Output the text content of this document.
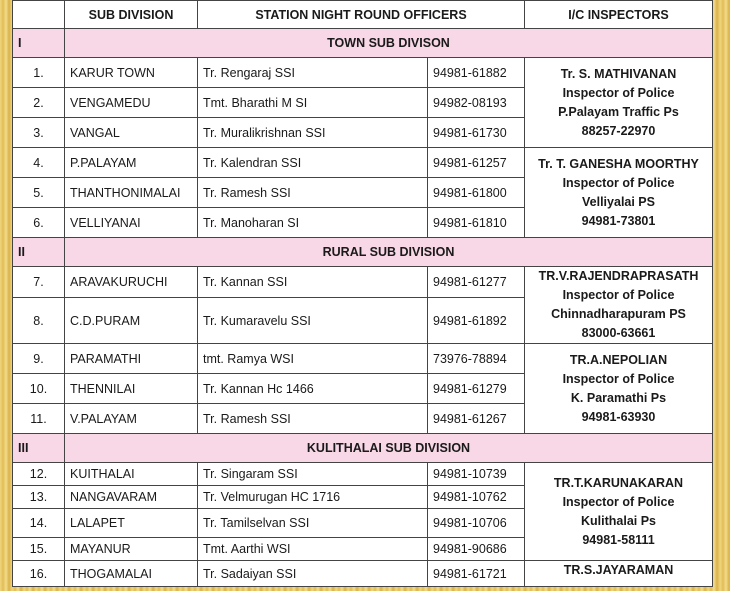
	SUB DIVISION	STATION NIGHT ROUND OFFICERS		I/C INSPECTORS
I	TOWN SUB DIVISON			
1.	KARUR TOWN	Tr. Rengaraj SSI	94981-61882	Tr. S. MATHIVANAN
Inspector of Police
P.Palayam Traffic Ps
88257-22970

2.	VENGAMEDU	Tmt. Bharathi M SI	94982-08193	
3.	VANGAL	Tr. Muralikrishnan SSI	94981-61730	
4.	P.PALAYAM	Tr. Kalendran SSI	94981-61257	Tr. T. GANESHA MOORTHY
Inspector of Police
Velliyalai PS
94981-73801

5.	THANTHONIMALAI	Tr. Ramesh SSI	94981-61800	
6.	VELLIYANAI	Tr. Manoharan SI	94981-61810	
II	RURAL SUB DIVISION			
7.	ARAVAKURUCHI	Tr. Kannan SSI	94981-61277	TR.V.RAJENDRAPRASATH
Inspector of Police
Chinnadharapuram PS
83000-63661

8.	C.D.PURAM	Tr. Kumaravelu SSI	94981-61892	
9.	PARAMATHI	tmt. Ramya WSI	73976-78894	TR.A.NEPOLIAN
Inspector of Police
K. Paramathi Ps
94981-63930

10.	THENNILAI	Tr. Kannan Hc 1466	94981-61279	
11.	V.PALAYAM	Tr. Ramesh SSI	94981-61267	
III	KULITHALAI SUB DIVISION			
12.	KUITHALAI	Tr. Singaram SSI	94981-10739	TR.T.KARUNAKARAN
Inspector of Police
Kulithalai Ps
94981-58111

13.	NANGAVARAM	Tr. Velmurugan HC 1716	94981-10762	
14.	LALAPET	Tr. Tamilselvan SSI	94981-10706	
15.	MAYANUR	Tmt. Aarthi WSI	94981-90686	
16.	THOGAMALAI	Tr. Sadaiyan SSI	94981-61721	TR.S.JAYARAMAN
